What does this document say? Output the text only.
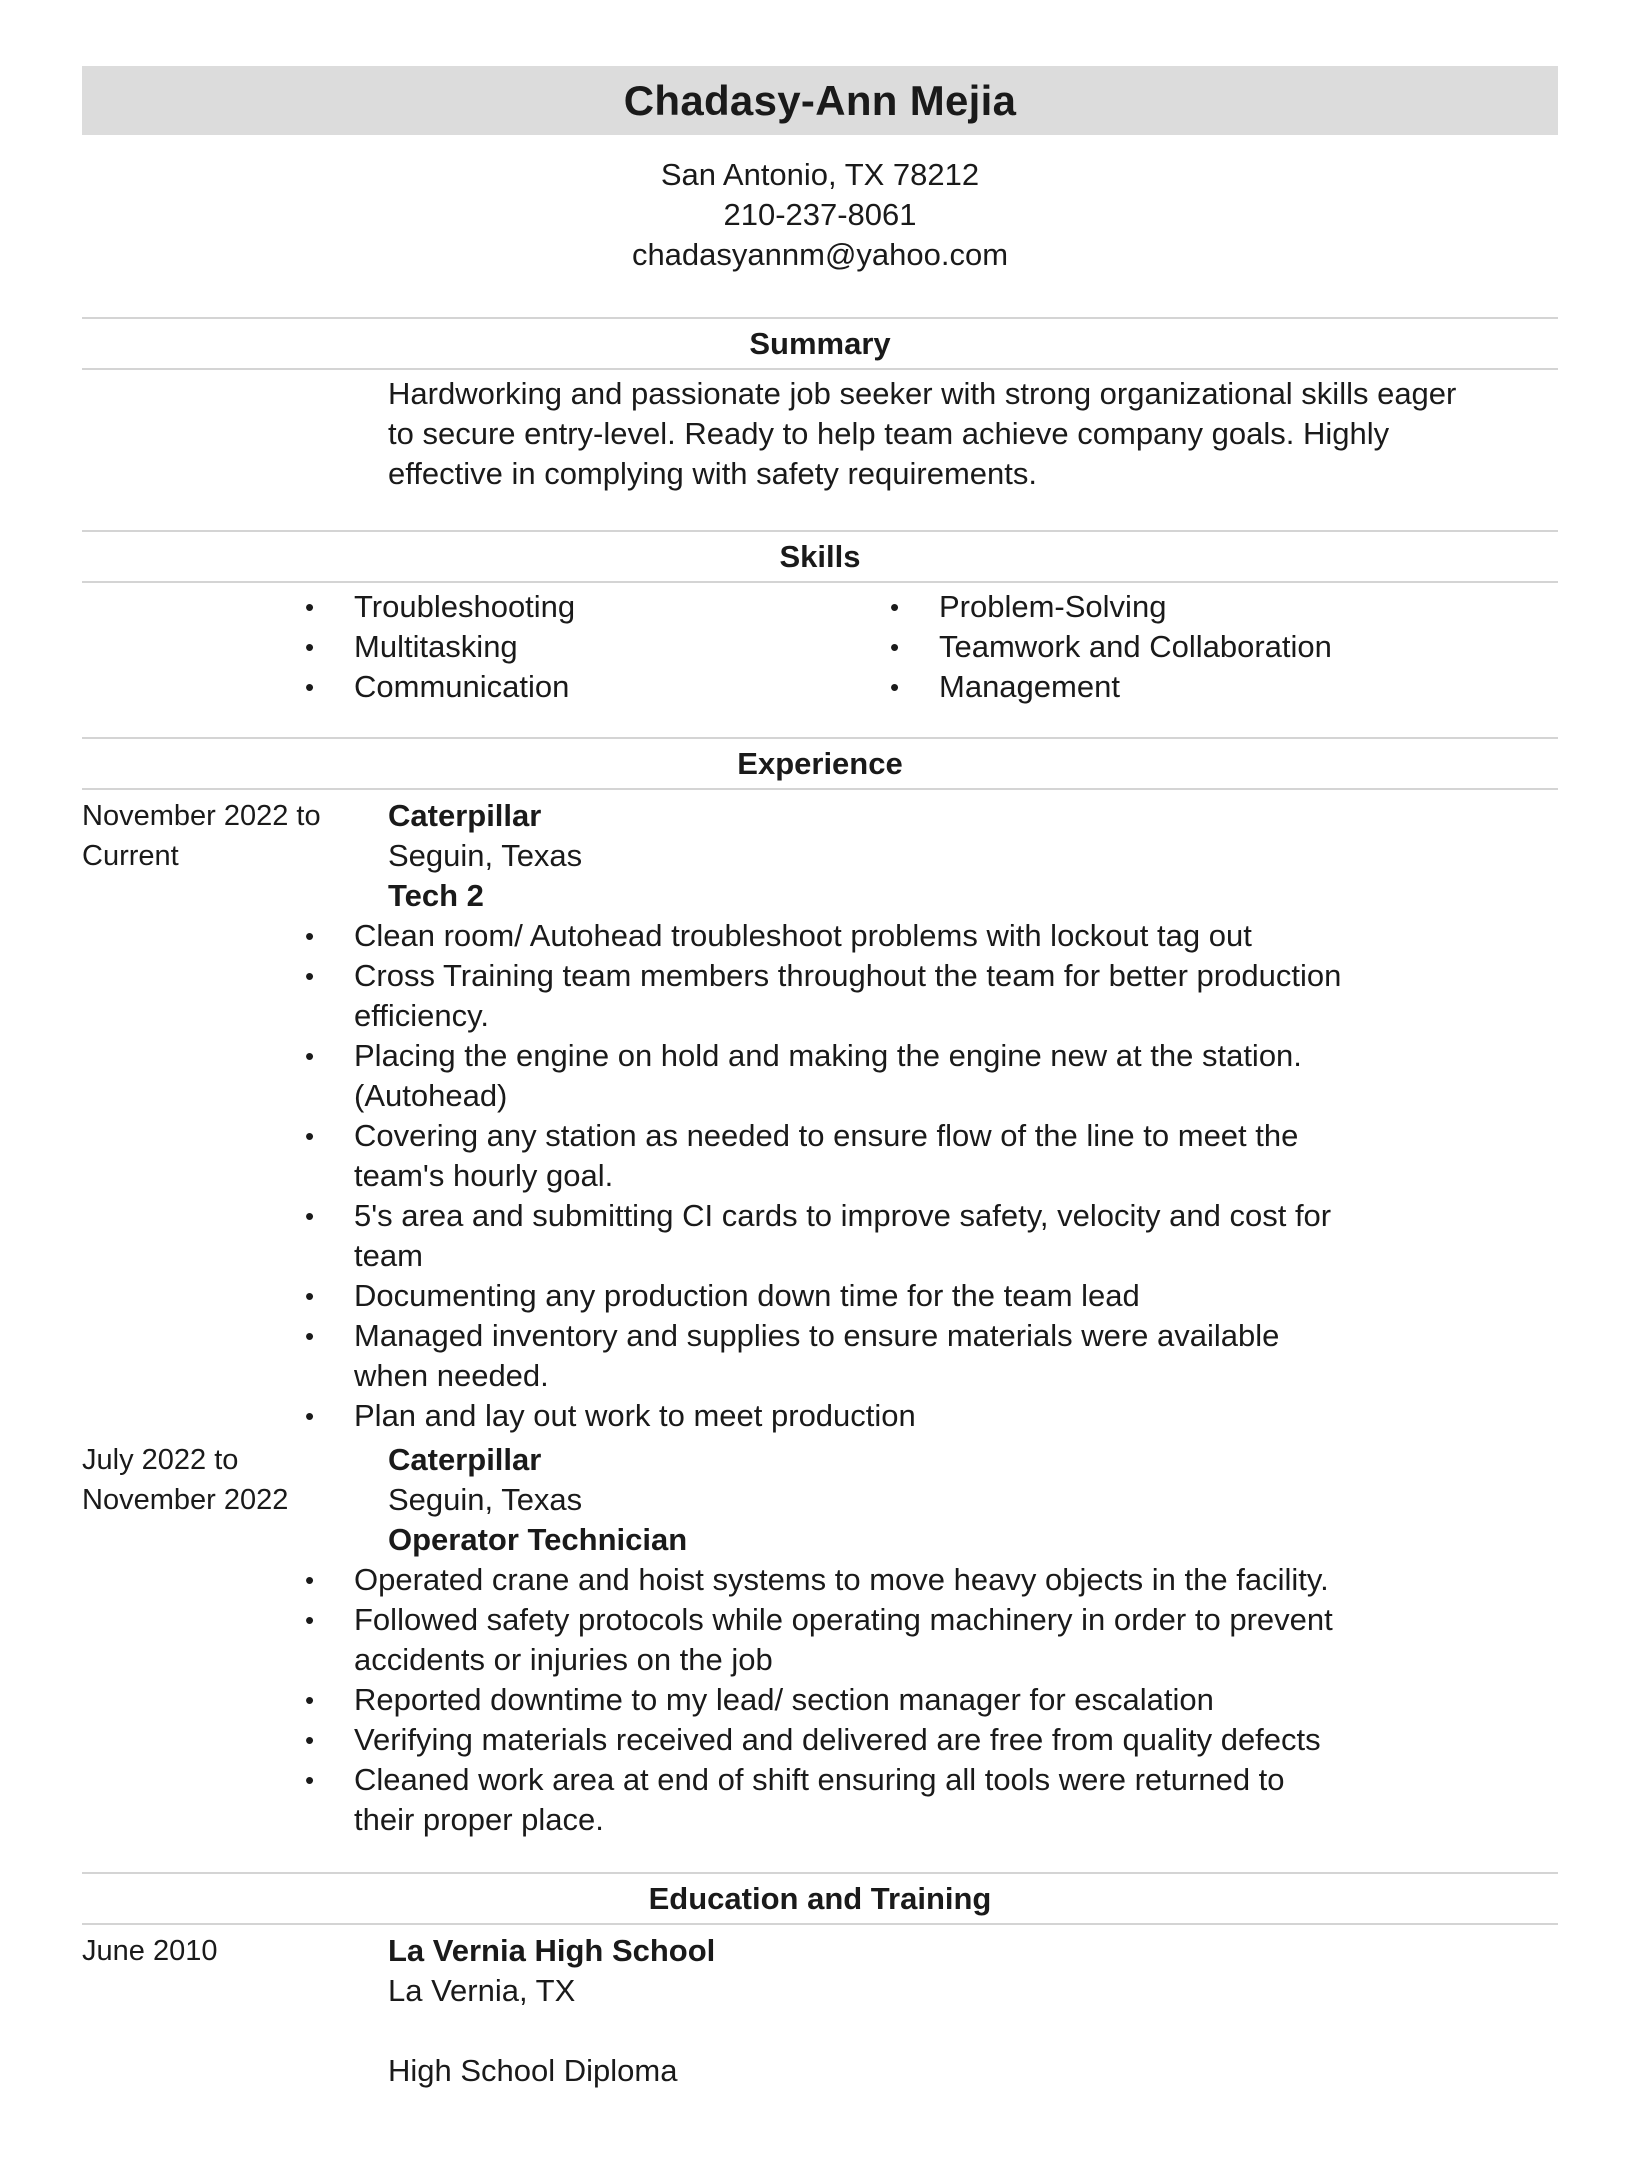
Chadasy-Ann Mejia
San Antonio, TX 78212
210-237-8061
chadasyannm@yahoo.com
Summary
Hardworking and passionate job seeker with strong organizational skills eager
to secure entry-level. Ready to help team achieve company goals. Highly
effective in complying with safety requirements.
Skills
• Troubleshooting
• Multitasking
• Communication
• Problem-Solving
• Teamwork and Collaboration
• Management
Experience
November 2022 to
Current
Caterpillar
Seguin, Texas
Tech 2
• Clean room/ Autohead troubleshoot problems with lockout tag out
• Cross Training team members throughout the team for better production
efficiency.
• Placing the engine on hold and making the engine new at the station.
(Autohead)
• Covering any station as needed to ensure flow of the line to meet the
team's hourly goal.
• 5's area and submitting CI cards to improve safety, velocity and cost for
team
• Documenting any production down time for the team lead
• Managed inventory and supplies to ensure materials were available
when needed.
• Plan and lay out work to meet production
July 2022 to
November 2022
Caterpillar
Seguin, Texas
Operator Technician
• Operated crane and hoist systems to move heavy objects in the facility.
• Followed safety protocols while operating machinery in order to prevent
accidents or injuries on the job
• Reported downtime to my lead/ section manager for escalation
• Verifying materials received and delivered are free from quality defects
• Cleaned work area at end of shift ensuring all tools were returned to
their proper place.
Education and Training
June 2010	La Vernia High School
La Vernia, TX
High School Diploma
